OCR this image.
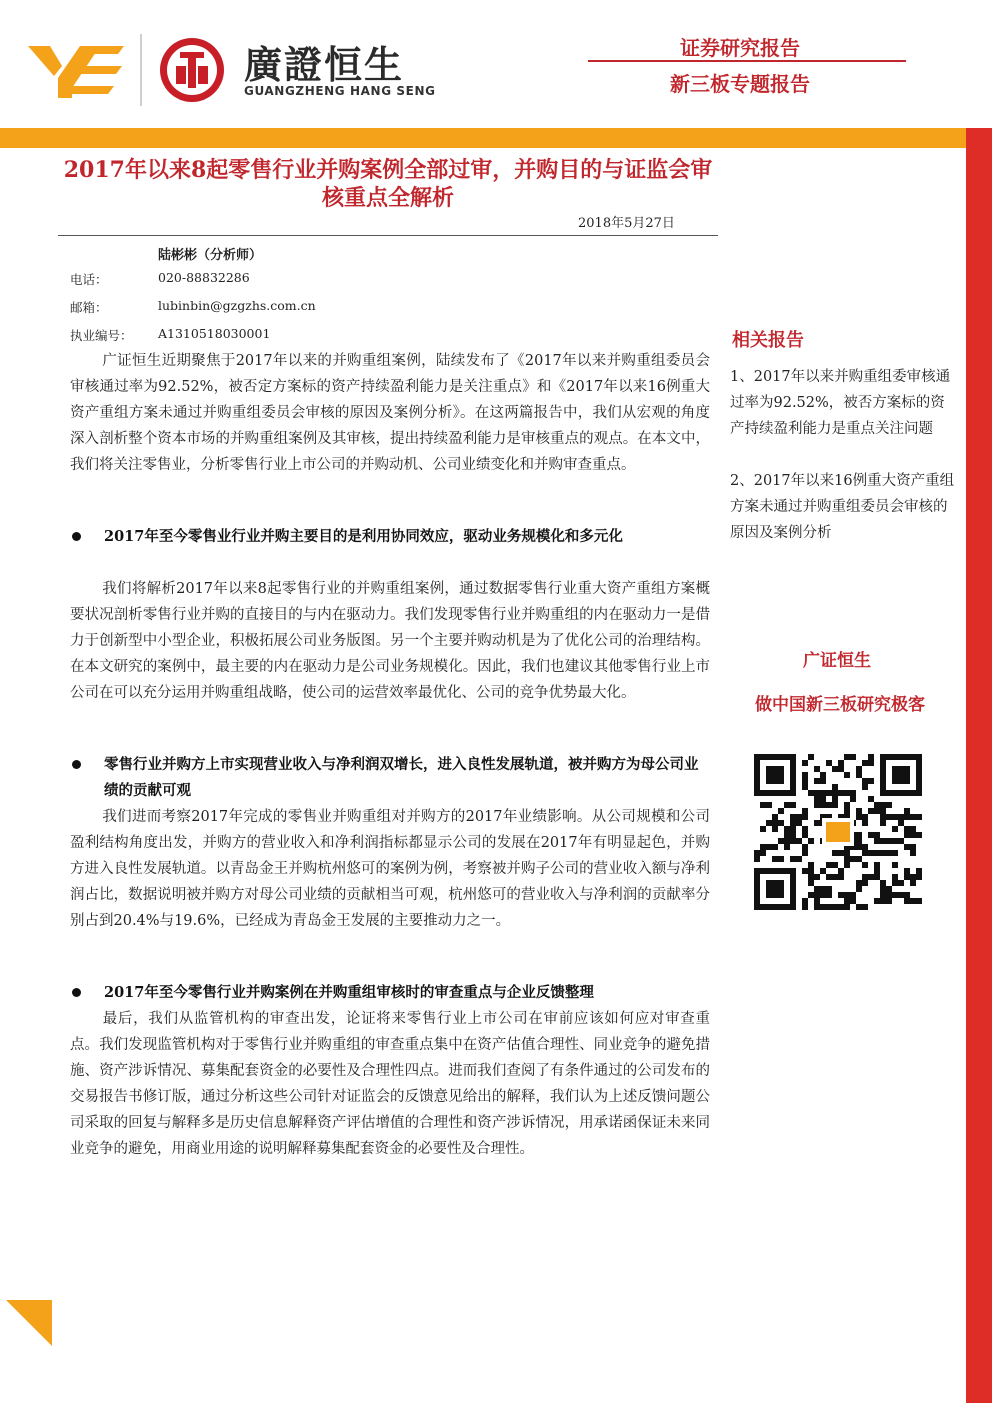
廣證恒生
GUANGZHENG HANG SENG
证券研究报告
新三板专题报告
2017年以来8起零售行业并购案例全部过审，并购目的与证监会审核重点全解析
2018年5月27日
陆彬彬（分析师）
电话：	020-88832286
邮箱：	lubinbin@gzgzhs.com.cn
执业编号： A1310518030001
广证恒生近期聚焦于2017年以来的并购重组案例，陆续发布了《2017年以来并购重组委员会审核通过率为92.52%，被否定方案标的资产持续盈利能力是关注重点》和《2017年以来16例重大资产重组方案未通过并购重组委员会审核的原因及案例分析》。在这两篇报告中，我们从宏观的角度深入剖析整个资本市场的并购重组案例及其审核，提出持续盈利能力是审核重点的观点。在本文中，我们将关注零售业，分析零售行业上市公司的并购动机、公司业绩变化和并购审查重点。
2017年至今零售业行业并购主要目的是利用协同效应，驱动业务规模化和多元化
我们将解析2017年以来8起零售行业的并购重组案例，通过数据零售行业重大资产重组方案概要状况剖析零售行业并购的直接目的与内在驱动力。我们发现零售行业并购重组的内在驱动力一是借力于创新型中小型企业，积极拓展公司业务版图。另一个主要并购动机是为了优化公司的治理结构。在本文研究的案例中，最主要的内在驱动力是公司业务规模化。因此，我们也建议其他零售行业上市公司在可以充分运用并购重组战略，使公司的运营效率最优化、公司的竞争优势最大化。
零售行业并购方上市实现营业收入与净利润双增长，进入良性发展轨道，被并购方为母公司业绩的贡献可观
我们进而考察2017年完成的零售业并购重组对并购方的2017年业绩影响。从公司规模和公司盈利结构角度出发，并购方的营业收入和净利润指标都显示公司的发展在2017年有明显起色，并购方进入良性发展轨道。以青岛金王并购杭州悠可的案例为例，考察被并购子公司的营业收入额与净利润占比，数据说明被并购方对母公司业绩的贡献相当可观，杭州悠可的营业收入与净利润的贡献率分别占到20.4%与19.6%，已经成为青岛金王发展的主要推动力之一。
2017年至今零售行业并购案例在并购重组审核时的审查重点与企业反馈整理
最后，我们从监管机构的审查出发，论证将来零售行业上市公司在审前应该如何应对审查重点。我们发现监管机构对于零售行业并购重组的审查重点集中在资产估值合理性、同业竞争的避免措施、资产涉诉情况、募集配套资金的必要性及合理性四点。进而我们查阅了有条件通过的公司发布的交易报告书修订版，通过分析这些公司针对证监会的反馈意见给出的解释，我们认为上述反馈问题公司采取的回复与解释多是历史信息解释资产评估增值的合理性和资产涉诉情况，用承诺函保证未来同业竞争的避免，用商业用途的说明解释募集配套资金的必要性及合理性。
相关报告
1、2017年以来并购重组委审核通过率为92.52%，被否方案标的资产持续盈利能力是重点关注问题
2、2017年以来16例重大资产重组方案未通过并购重组委员会审核的原因及案例分析
广证恒生
做中国新三板研究极客
